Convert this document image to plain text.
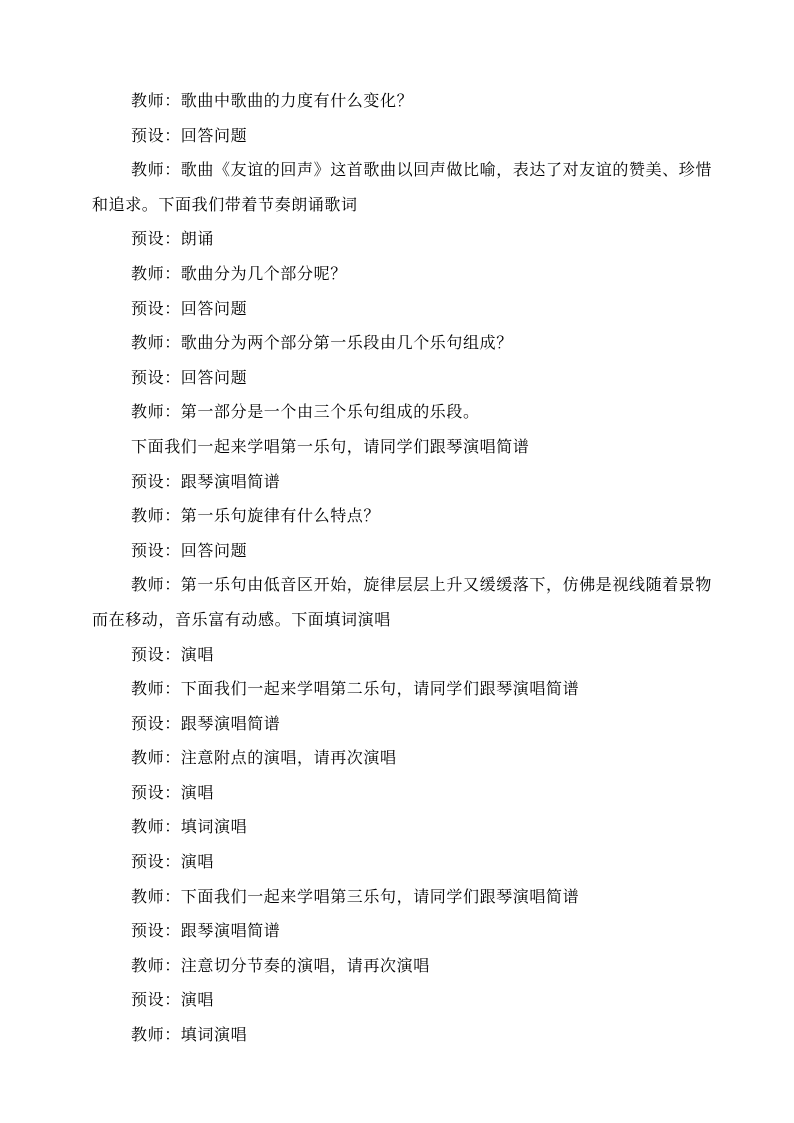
教师：歌曲中歌曲的力度有什么变化？

预设：回答问题

教师：歌曲《友谊的回声》这首歌曲以回声做比喻，表达了对友谊的赞美、珍惜和追求。下面我们带着节奏朗诵歌词

预设：朗诵

教师：歌曲分为几个部分呢？

预设：回答问题

教师：歌曲分为两个部分第一乐段由几个乐句组成？

预设：回答问题

教师：第一部分是一个由三个乐句组成的乐段。

下面我们一起来学唱第一乐句，请同学们跟琴演唱简谱

预设：跟琴演唱简谱

教师：第一乐句旋律有什么特点？

预设：回答问题

教师：第一乐句由低音区开始，旋律层层上升又缓缓落下，仿佛是视线随着景物而在移动，音乐富有动感。下面填词演唱

预设：演唱

教师：下面我们一起来学唱第二乐句，请同学们跟琴演唱简谱

预设：跟琴演唱简谱

教师：注意附点的演唱，请再次演唱

预设：演唱

教师：填词演唱

预设：演唱

教师：下面我们一起来学唱第三乐句，请同学们跟琴演唱简谱

预设：跟琴演唱简谱

教师：注意切分节奏的演唱，请再次演唱

预设：演唱

教师：填词演唱
